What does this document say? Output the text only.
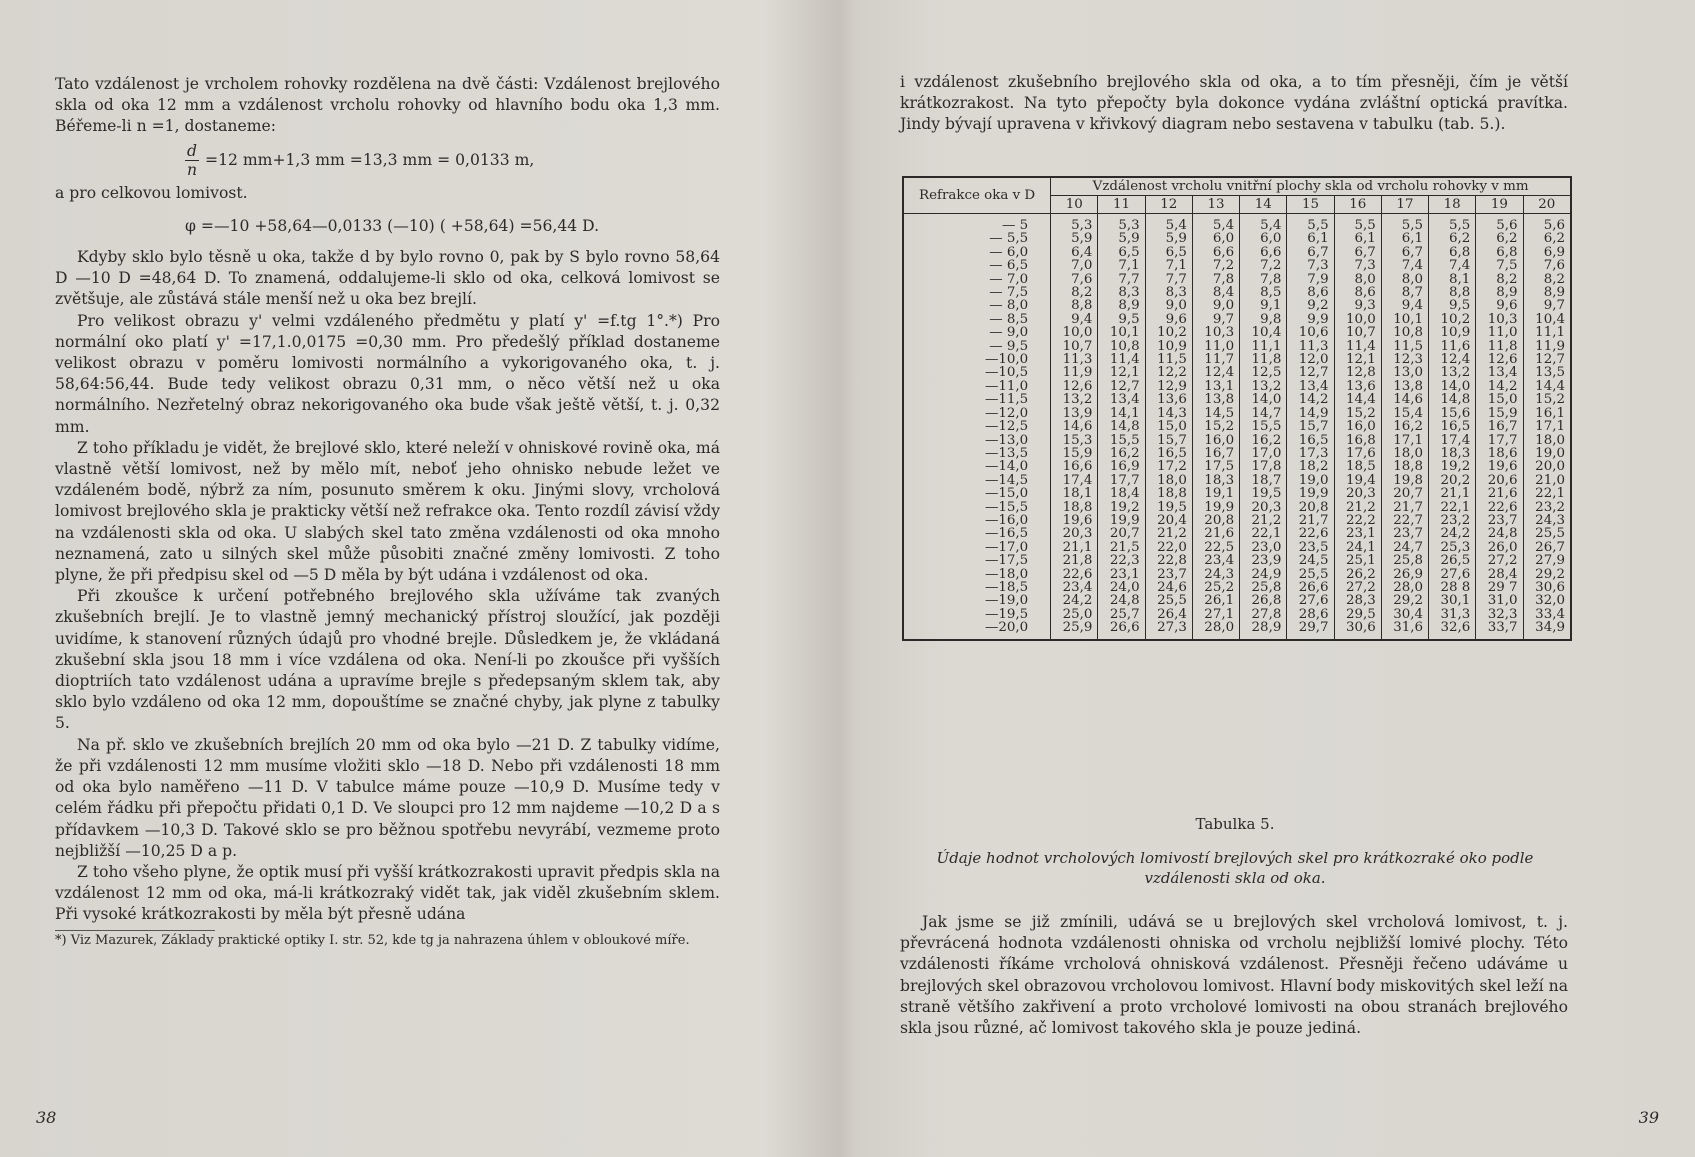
Tato vzdálenost je vrcholem rohovky rozdělena na dvě části: Vzdálenost brejlového skla od oka 12 mm a vzdálenost vrcholu rohovky od hlavního bodu oka 1,3 mm. Béřeme-li n =1, dostaneme:

$\frac{d}{n} =12$ mm+1,3 mm =13,3 mm = 0,0133 m,

a pro celkovou lomivost.

φ =—10 +58,64—0,0133 (—10) ( +58,64) =56,44 D.

Kdyby sklo bylo těsně u oka, takže d by bylo rovno 0, pak by S bylo rovno 58,64 D —10 D =48,64 D. To znamená, oddalujeme-li sklo od oka, celková lomivost se zvětšuje, ale zůstává stále menší než u oka bez brejlí.

Pro velikost obrazu y' velmi vzdáleného předmětu y platí y' =f.tg 1°.*) Pro normální oko platí y' =17,1.0,0175 =0,30 mm. Pro předešlý příklad dostaneme velikost obrazu v poměru lomivosti normálního a vykorigovaného oka, t. j. 58,64:56,44. Bude tedy velikost obrazu 0,31 mm, o něco větší než u oka normálního. Nezřetelný obraz nekorigovaného oka bude však ještě větší, t. j. 0,32 mm.

Z toho příkladu je vidět, že brejlové sklo, které neleží v ohniskové rovině oka, má vlastně větší lomivost, než by mělo mít, neboť jeho ohnisko nebude ležet ve vzdáleném bodě, nýbrž za ním, posunuto směrem k oku. Jinými slovy, vrcholová lomivost brejlového skla je prakticky větší než refrakce oka. Tento rozdíl závisí vždy na vzdálenosti skla od oka. U slabých skel tato změna vzdálenosti od oka mnoho neznamená, zato u silných skel může působiti značné změny lomivosti. Z toho plyne, že při předpisu skel od —5 D měla by být udána i vzdálenost od oka.

Při zkoušce k určení potřebného brejlového skla užíváme tak zvaných zkušebních brejlí. Je to vlastně jemný mechanický přístroj sloužící, jak později uvidíme, k stanovení různých údajů pro vhodné brejle. Důsledkem je, že vkládaná zkušební skla jsou 18 mm i více vzdálena od oka. Není-li po zkoušce při vyšších dioptriích tato vzdálenost udána a upravíme brejle s předepsaným sklem tak, aby sklo bylo vzdáleno od oka 12 mm, dopouštíme se značné chyby, jak plyne z tabulky 5.

Na př. sklo ve zkušebních brejlích 20 mm od oka bylo —21 D. Z tabulky vidíme, že při vzdálenosti 12 mm musíme vložiti sklo —18 D. Nebo při vzdálenosti 18 mm od oka bylo naměřeno —11 D. V tabulce máme pouze —10,9 D. Musíme tedy v celém řádku při přepočtu přidati 0,1 D. Ve sloupci pro 12 mm najdeme —10,2 D a s přídavkem —10,3 D. Takové sklo se pro běžnou spotřebu nevyrábí, vezmeme proto nejbližší —10,25 D a p.

Z toho všeho plyne, že optik musí při vyšší krátkozrakosti upravit předpis skla na vzdálenost 12 mm od oka, má-li krátkozraký vidět tak, jak viděl zkušebním sklem. Při vysoké krátkozrakosti by měla být přesně udána

*) Viz Mazurek, Základy praktické optiky I. str. 52, kde tg ja nahrazena úhlem v obloukové míře.

38

i vzdálenost zkušebního brejlového skla od oka, a to tím přesněji, čím je větší krátkozrakost. Na tyto přepočty byla dokonce vydána zvláštní optická pravítka. Jindy bývají upravena v křivkový diagram nebo sestavena v tabulku (tab. 5.).

Refrakce oka v D	Vzdálenost vrcholu vnitřní plochy skla od vrcholu rohovky v mm										
	10	11	12	13	14	15	16	17	18	19	20
— 5	5,3	5,3	5,4	5,4	5,4	5,5	5,5	5,5	5,5	5,6	5,6
— 5,5	5,9	5,9	5,9	6,0	6,0	6,1	6,1	6,1	6,2	6,2	6,2
— 6,0	6,4	6,5	6,5	6,6	6,6	6,7	6,7	6,7	6,8	6,8	6,9
— 6,5	7,0	7,1	7,1	7,2	7,2	7,3	7,3	7,4	7,4	7,5	7,6
— 7,0	7,6	7,7	7,7	7,8	7,8	7,9	8,0	8,0	8,1	8,2	8,2
— 7,5	8,2	8,3	8,3	8,4	8,5	8,6	8,6	8,7	8,8	8,9	8,9
— 8,0	8,8	8,9	9,0	9,0	9,1	9,2	9,3	9,4	9,5	9,6	9,7
— 8,5	9,4	9,5	9,6	9,7	9,8	9,9	10,0	10,1	10,2	10,3	10,4
— 9,0	10,0	10,1	10,2	10,3	10,4	10,6	10,7	10,8	10,9	11,0	11,1
— 9,5	10,7	10,8	10,9	11,0	11,1	11,3	11,4	11,5	11,6	11,8	11,9
—10,0	11,3	11,4	11,5	11,7	11,8	12,0	12,1	12,3	12,4	12,6	12,7
—10,5	11,9	12,1	12,2	12,4	12,5	12,7	12,8	13,0	13,2	13,4	13,5
—11,0	12,6	12,7	12,9	13,1	13,2	13,4	13,6	13,8	14,0	14,2	14,4
—11,5	13,2	13,4	13,6	13,8	14,0	14,2	14,4	14,6	14,8	15,0	15,2
—12,0	13,9	14,1	14,3	14,5	14,7	14,9	15,2	15,4	15,6	15,9	16,1
—12,5	14,6	14,8	15,0	15,2	15,5	15,7	16,0	16,2	16,5	16,7	17,1
—13,0	15,3	15,5	15,7	16,0	16,2	16,5	16,8	17,1	17,4	17,7	18,0
—13,5	15,9	16,2	16,5	16,7	17,0	17,3	17,6	18,0	18,3	18,6	19,0
—14,0	16,6	16,9	17,2	17,5	17,8	18,2	18,5	18,8	19,2	19,6	20,0
—14,5	17,4	17,7	18,0	18,3	18,7	19,0	19,4	19,8	20,2	20,6	21,0
—15,0	18,1	18,4	18,8	19,1	19,5	19,9	20,3	20,7	21,1	21,6	22,1
—15,5	18,8	19,2	19,5	19,9	20,3	20,8	21,2	21,7	22,1	22,6	23,2
—16,0	19,6	19,9	20,4	20,8	21,2	21,7	22,2	22,7	23,2	23,7	24,3
—16,5	20,3	20,7	21,2	21,6	22,1	22,6	23,1	23,7	24,2	24,8	25,5
—17,0	21,1	21,5	22,0	22,5	23,0	23,5	24,1	24,7	25,3	26,0	26,7
—17,5	21,8	22,3	22,8	23,4	23,9	24,5	25,1	25,8	26,5	27,2	27,9
—18,0	22,6	23,1	23,7	24,3	24,9	25,5	26,2	26,9	27,6	28,4	29,2
—18,5	23,4	24,0	24,6	25,2	25,8	26,6	27,2	28,0	28 8	29 7	30,6
—19,0	24,2	24,8	25,5	26,1	26,8	27,6	28,3	29,2	30,1	31,0	32,0
—19,5	25,0	25,7	26,4	27,1	27,8	28,6	29,5	30,4	31,3	32,3	33,4
—20,0	25,9	26,6	27,3	28,0	28,9	29,7	30,6	31,6	32,6	33,7	34,9
Tabulka 5.
Údaje hodnot vrcholových lomivostí brejlových skel pro krátkozraké oko podle vzdálenosti skla od oka.

Jak jsme se již zmínili, udává se u brejlových skel vrcholová lomivost, t. j. převrácená hodnota vzdálenosti ohniska od vrcholu nejbližší lomivé plochy. Této vzdálenosti říkáme vrcholová ohnisková vzdálenost. Přesněji řečeno udáváme u brejlových skel obrazovou vrcholovou lomivost. Hlavní body miskovitých skel leží na straně většího zakřivení a proto vrcholové lomivosti na obou stranách brejlového skla jsou různé, ač lomivost takového skla je pouze jediná.

39
